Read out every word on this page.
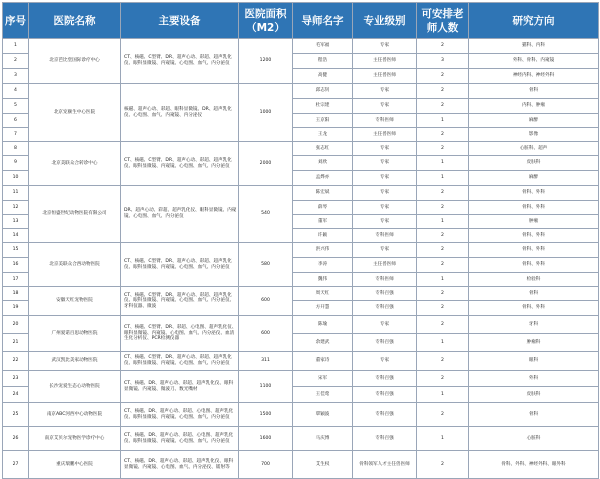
序号	医院名称	主要设备	医院面积（M2）	导师名字	专业级别	可安排老师人数	研究方向
1	北京芭比堂国际诊疗中心	CT、核磁、C型臂、DR、超声心动、彩超、超声乳化仪、眼科显微镜、内窥镜、心电图、血气、内分泌仪	1200	毛军福	专家	2	猫科、内科
2				程浩	主任兽医师	3	外科、骨科、内窥镜
3				高健	主任兽医师	2	神经内科、神经外科
4	北京宠颐生中心医院	核磁、超声心动、彩超、眼科显微镜、DR、超声乳化仪、心电图、血气、内窥镜、内分泌仪	1000	邱志钊	专家	2	骨科
5				杜宗建	专家	2	内科、肿瘤
6				王京阳	专科医师	1	麻醉
7				王龙	主任兽医师	2	影像
8	北京美联众合转诊中心	CT、核磁、C型臂、DR、超声心动、彩超、超声乳化仪、眼科显微镜、内窥镜、心电图、血气、内分泌仪	2000	张志红	专家	2	心脏科、超声
9				刘欣	专家	1	皮肤科
10				孟烨亦	专家	1	麻醉
11	北京恒盛世纪动物医院有限公司	DR、超声心动、彩超、超声乳化仪、眼科显微镜、内窥镜、心电图、血气、内分泌仪	540	陈宏斌	专家	2	骨科、外科
12				薛琴	专家	2	骨科、外科
13				董军	专家	1	肿瘤
14				许颖	专科医师	2	骨科、外科
15	北京美联众合西动物医院	CT、核磁、C型臂、DR、超声心动、彩超、超声乳化仪、眼科显微镜、内窥镜、心电图、血气、内分泌仪	580	洪兴伟	专家	2	骨科、外科
16				李涛	主任兽医师	2	骨科、外科
17				魏伟	专科医师	1	检验科
18	安徽天红宠物医院	CT、核磁、C型臂、DR、超声心动、彩超、超声乳化仪、眼科显微镜、内窥镜、心电图、血气、内分泌仪、牙科仪器、微波	600	周天红	专科百强	2	骨科
19				方开慧	专科百强	2	骨科、外科
20	广州爱诺百思动物医院	CT、核磁、C型臂、DR、彩超、心电图、超声乳化仪、眼科显微镜、内窥镜、心电图、血气、内分泌仪、血清生化分析仪、PCR检测仪器	600	陈瑜	专家	2	牙科
21				余建武	专科百强	1	肿瘤科
22	武汉凯比美家动物医院	CT、核磁、C型臂、DR、超声心动、彩超、超声乳化仪、眼科显微镜、内窥镜、心电图、血气、内分泌仪	311	董家诗	专家	2	眼科
23	长沙宠爱生态心动物医院	CT、核磁、DR、超声心动、彩超、超声乳化仪、眼科显微镜、内窥镜、微波刀、数光嘴材	1100	宋军	专科百强	2	外科
24				王佳莺	专科百强	1	皮肤科
25	南京ABC河西中心动物医院	CT、核磁、DR、超声心动、彩超、心电图、超声乳化仪、眼科显微镜、内窥镜、心电图、血气、内分泌仪	1500	覃颖波	专科百强	2	骨科
26	南京艾贝尔宠物医学诊疗中心	CT、核磁、DR、超声心动、彩超、心电图、超声乳化仪、眼科显微镜、内窥镜、心电图、血气、内分泌仪	1600	马庆博	专科百强	1	心脏科
27	重庆瑞鹏中心医院	CT、核磁、DR、超声心动、彩超、超声乳化仪、眼科显微镜、内窥镜、心电图、血气、内分泌仪、镭射等	700	艾生权	骨科领军人才主任兽医师	2	骨科、外科、神经外科、眼外科
